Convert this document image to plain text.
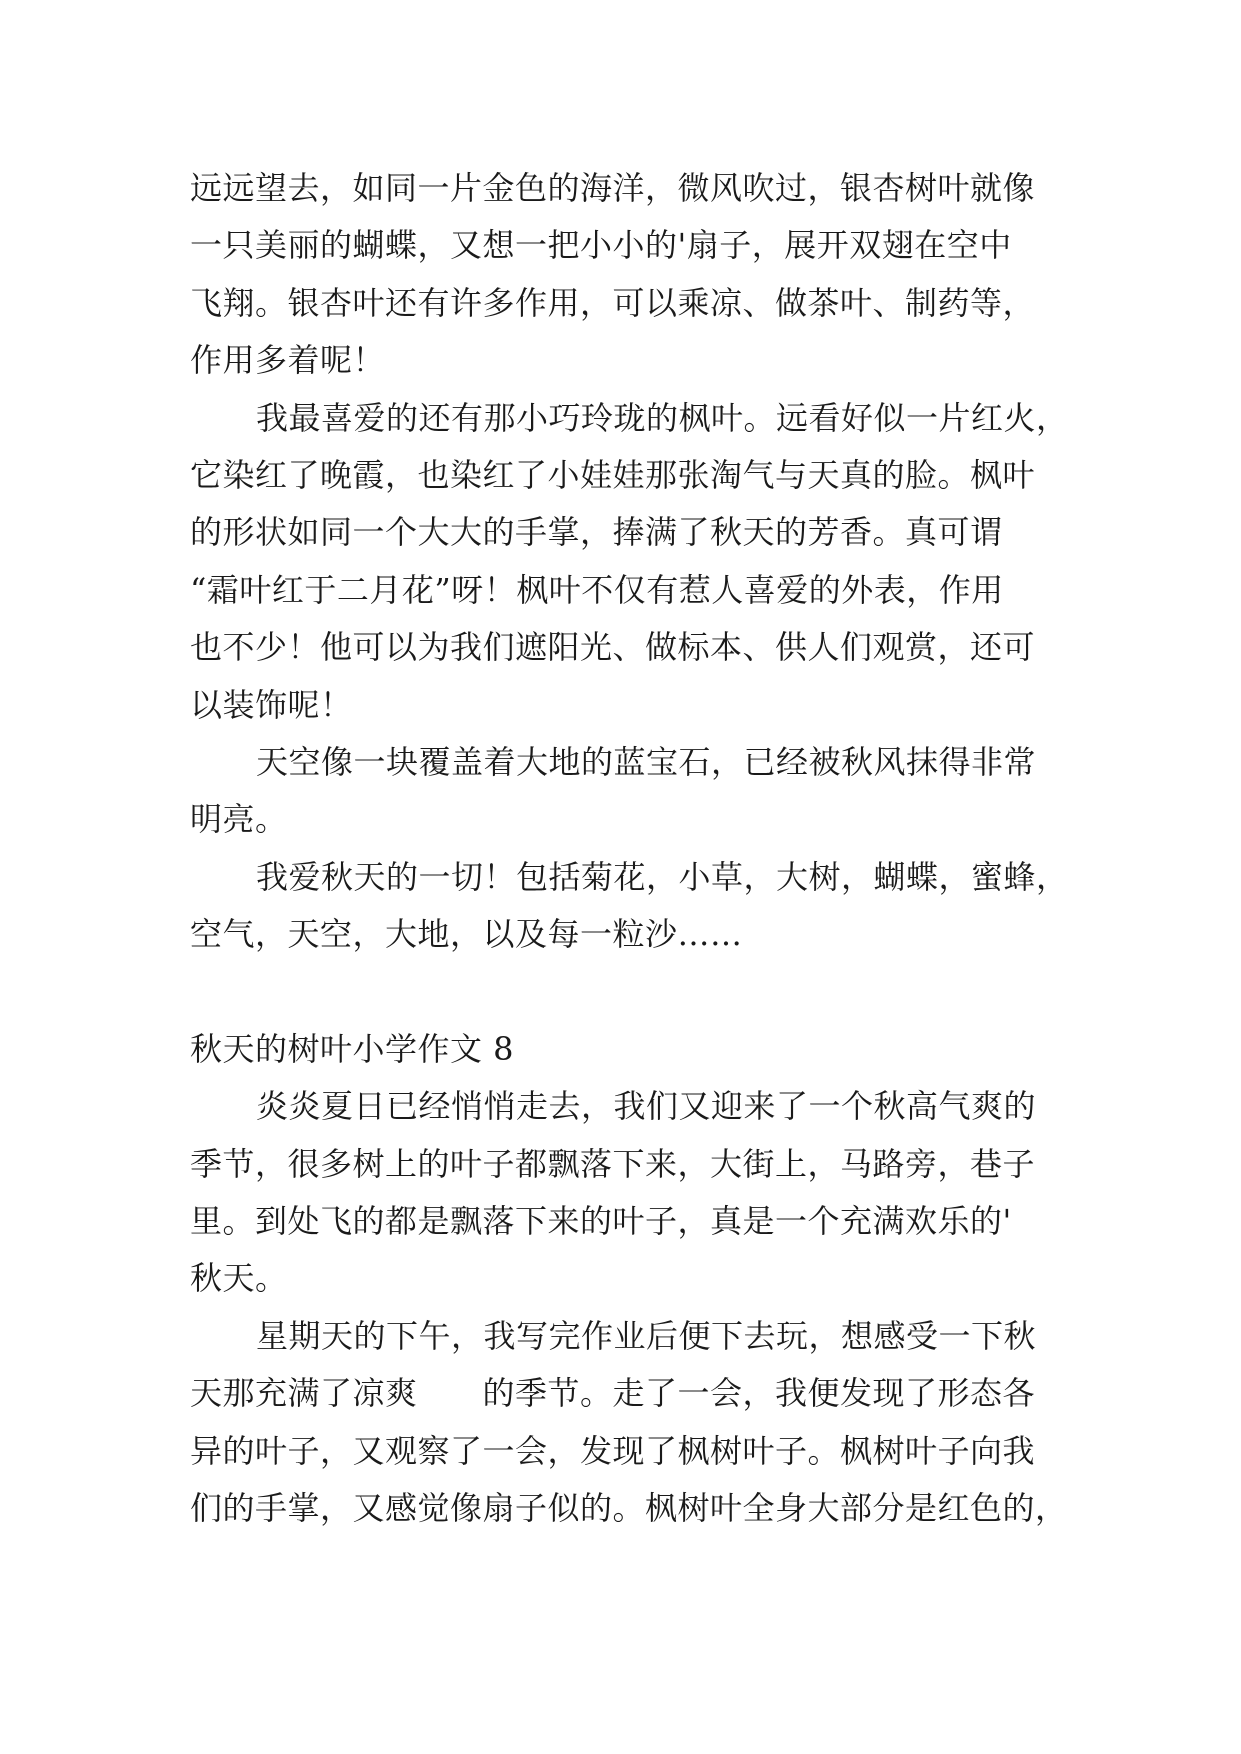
远远望去，如同一片金色的海洋，微风吹过，银杏树叶就像
一只美丽的蝴蝶，又想一把小小的'扇子，展开双翅在空中
飞翔。银杏叶还有许多作用，可以乘凉、做茶叶、制药等，
作用多着呢！
我最喜爱的还有那小巧玲珑的枫叶。远看好似一片红火，
它染红了晚霞，也染红了小娃娃那张淘气与天真的脸。枫叶
的形状如同一个大大的手掌，捧满了秋天的芳香。真可谓
“霜叶红于二月花”呀！枫叶不仅有惹人喜爱的外表，作用
也不少！他可以为我们遮阳光、做标本、供人们观赏，还可
以装饰呢！
天空像一块覆盖着大地的蓝宝石，已经被秋风抹得非常
明亮。
我爱秋天的一切！包括菊花，小草，大树，蝴蝶，蜜蜂，
空气，天空，大地，以及每一粒沙……
秋天的树叶小学作文 8
炎炎夏日已经悄悄走去，我们又迎来了一个秋高气爽的
季节，很多树上的叶子都飘落下来，大街上，马路旁，巷子
里。到处飞的都是飘落下来的叶子，真是一个充满欢乐的'
秋天。
星期天的下午，我写完作业后便下去玩，想感受一下秋
天那充满了凉爽　　的季节。走了一会，我便发现了形态各
异的叶子，又观察了一会，发现了枫树叶子。枫树叶子向我
们的手掌，又感觉像扇子似的。枫树叶全身大部分是红色的，
